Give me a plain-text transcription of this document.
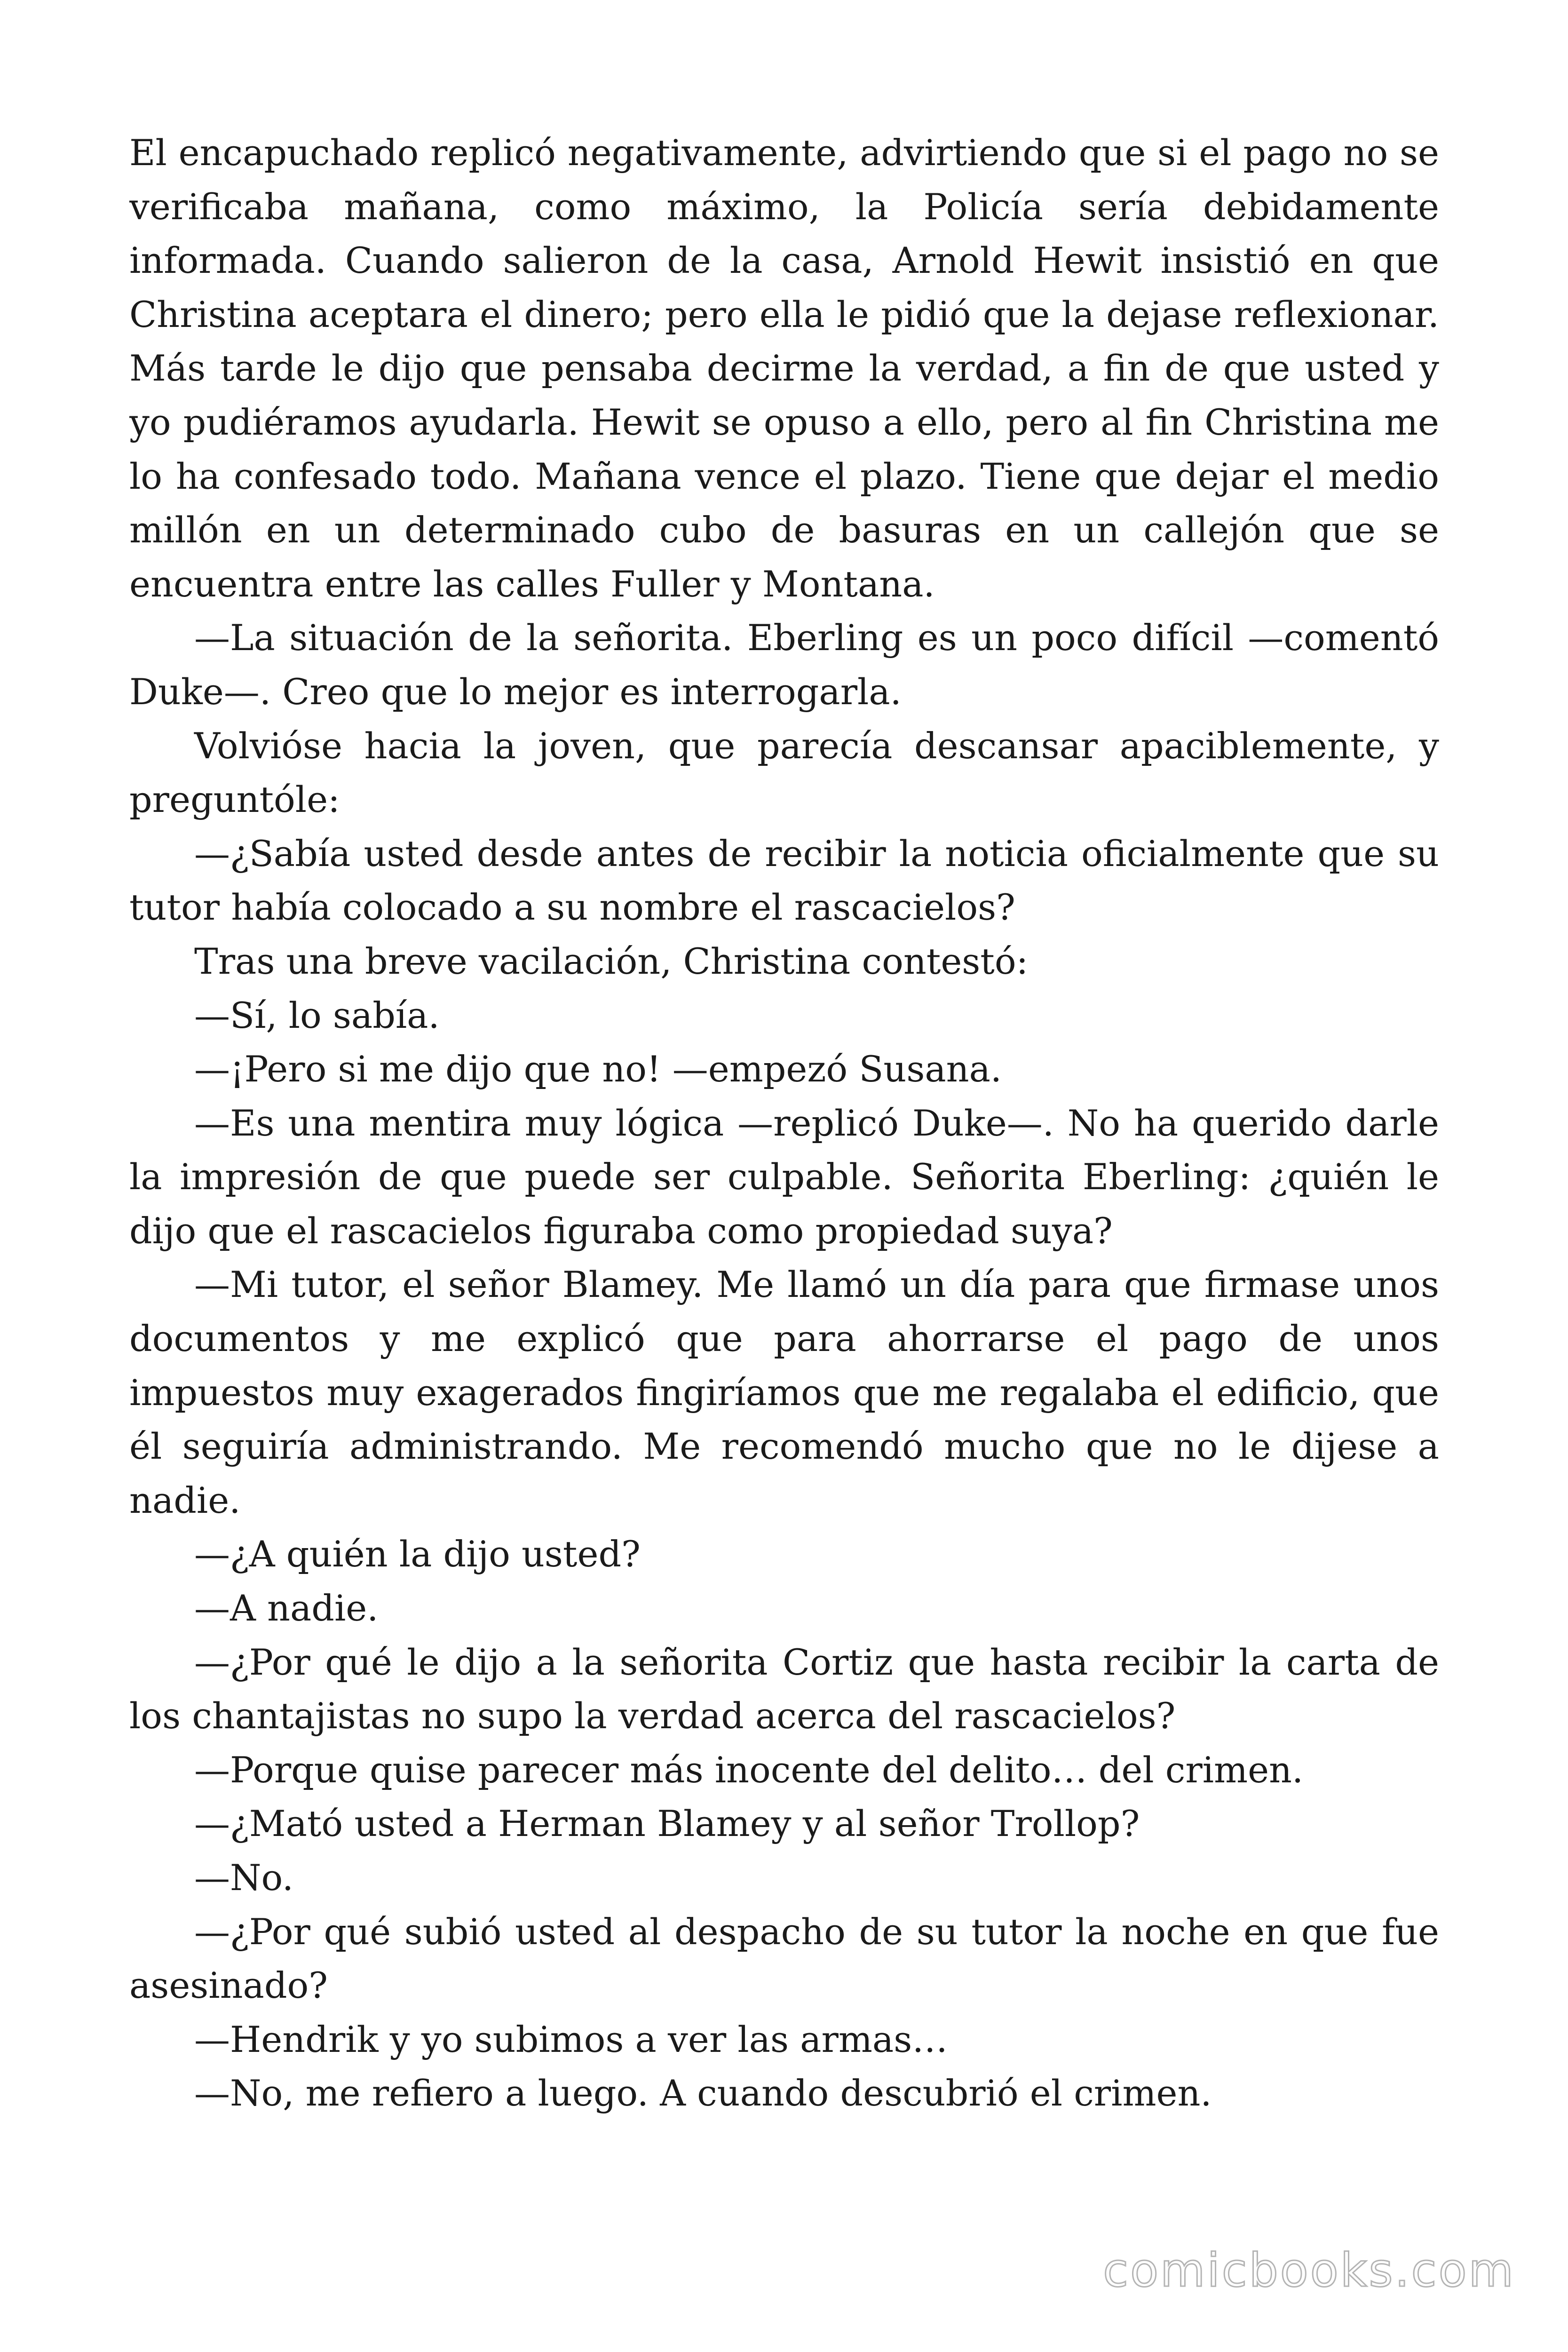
El encapuchado replicó negativamente, advirtiendo que si el pago no se verificaba mañana, como máximo, la Policía sería debidamente informada. Cuando salieron de la casa, Arnold Hewit insistió en que Christina aceptara el dinero; pero ella le pidió que la dejase reflexionar. Más tarde le dijo que pensaba decirme la verdad, a fin de que usted y yo pudiéramos ayudarla. Hewit se opuso a ello, pero al fin Christina me lo ha confesado todo. Mañana vence el plazo. Tiene que dejar el medio millón en un determinado cubo de basuras en un callejón que se encuentra entre las calles Fuller y Montana.

—La situación de la señorita. Eberling es un poco difícil —comentó Duke—. Creo que lo mejor es interrogarla.

Volvióse hacia la joven, que parecía descansar apaciblemente, y preguntóle:

—¿Sabía usted desde antes de recibir la noticia oficialmente que su tutor había colocado a su nombre el rascacielos?

Tras una breve vacilación, Christina contestó:

—Sí, lo sabía.

—¡Pero si me dijo que no! —empezó Susana.

—Es una mentira muy lógica —replicó Duke—. No ha querido darle la impresión de que puede ser culpable. Señorita Eberling: ¿quién le dijo que el rascacielos figuraba como propiedad suya?

—Mi tutor, el señor Blamey. Me llamó un día para que firmase unos documentos y me explicó que para ahorrarse el pago de unos impuestos muy exagerados fingiríamos que me regalaba el edificio, que él seguiría administrando. Me recomendó mucho que no le dijese a nadie.

—¿A quién la dijo usted?

—A nadie.

—¿Por qué le dijo a la señorita Cortiz que hasta recibir la carta de los chantajistas no supo la verdad acerca del rascacielos?

—Porque quise parecer más inocente del delito… del crimen.

—¿Mató usted a Herman Blamey y al señor Trollop?

—No.

—¿Por qué subió usted al despacho de su tutor la noche en que fue asesinado?

—Hendrik y yo subimos a ver las armas…

—No, me refiero a luego. A cuando descubrió el crimen.

comicbooks.com
